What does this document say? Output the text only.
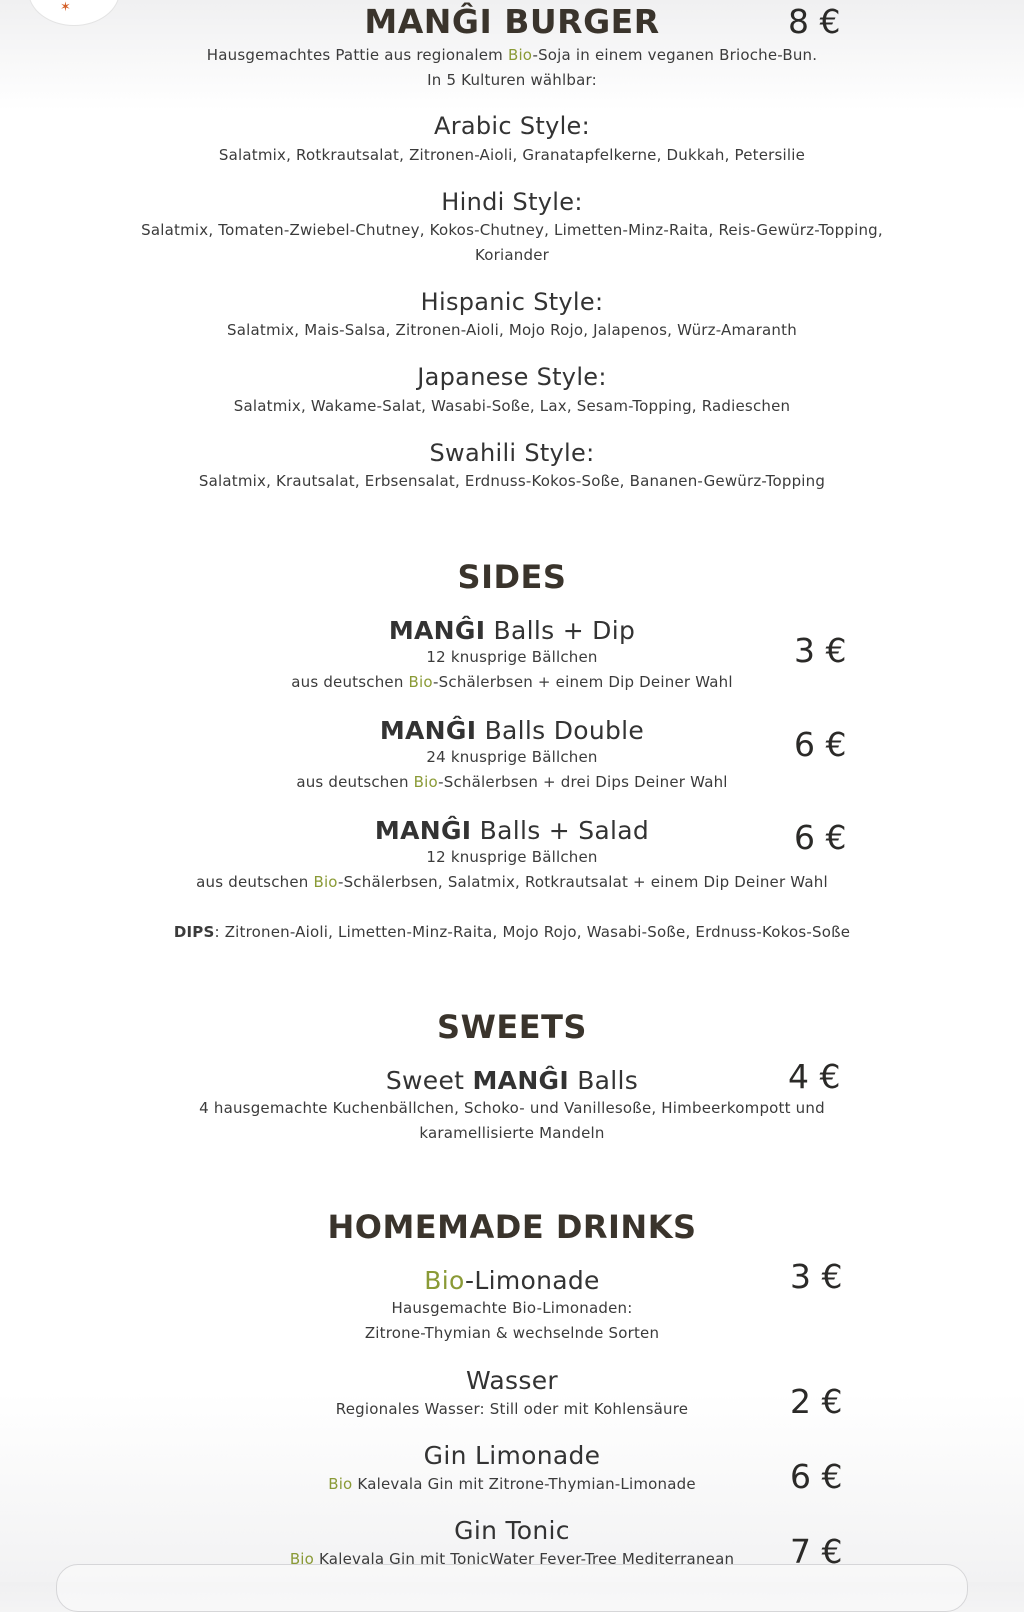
✶	MANĜI BURGER	8 €
Hausgemachtes Pattie aus regionalem Bio-Soja in einem veganen Brioche-Bun.
In 5 Kulturen wählbar:
Arabic Style:
Salatmix, Rotkrautsalat, Zitronen-Aioli, Granatapfelkerne, Dukkah, Petersilie
Hindi Style:
Salatmix, Tomaten-Zwiebel-Chutney, Kokos-Chutney, Limetten-Minz-Raita, Reis-Gewürz-Topping,
Koriander
Hispanic Style:
Salatmix, Mais-Salsa, Zitronen-Aioli, Mojo Rojo, Jalapenos, Würz-Amaranth
Japanese Style:
Salatmix, Wakame-Salat, Wasabi-Soße, Lax, Sesam-Topping, Radieschen
Swahili Style:
Salatmix, Krautsalat, Erbsensalat, Erdnuss-Kokos-Soße, Bananen-Gewürz-Topping
SIDES
MANĜI Balls + Dip
3 €
12 knusprige Bällchen
aus deutschen Bio-Schälerbsen + einem Dip Deiner Wahl
MANĜI Balls Double	6 €
24 knusprige Bällchen
aus deutschen Bio-Schälerbsen + drei Dips Deiner Wahl
MANĜI Balls + Salad	6 €
12 knusprige Bällchen
aus deutschen Bio-Schälerbsen, Salatmix, Rotkrautsalat + einem Dip Deiner Wahl
DIPS: Zitronen-Aioli, Limetten-Minz-Raita, Mojo Rojo, Wasabi-Soße, Erdnuss-Kokos-Soße
SWEETS
Sweet MANĜI Balls	4 €
4 hausgemachte Kuchenbällchen, Schoko- und Vanillesoße, Himbeerkompott und
karamellisierte Mandeln
HOMEMADE DRINKS
Bio-Limonade	3 €
Hausgemachte Bio-Limonaden:
Zitrone-Thymian & wechselnde Sorten
Wasser
2 €
Regionales Wasser: Still oder mit Kohlensäure
Gin Limonade
6 €
Bio Kalevala Gin mit Zitrone-Thymian-Limonade
Gin Tonic
7 €
Bio Kalevala Gin mit TonicWater Fever-Tree Mediterranean
